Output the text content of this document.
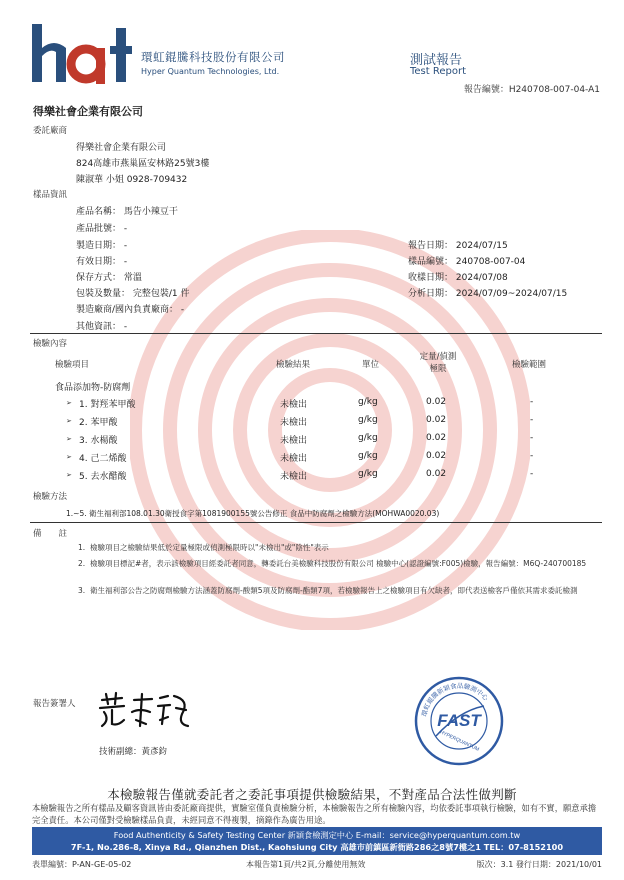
環虹錕騰科技股份有限公司
Hyper Quantum Technologies, Ltd.
測試報告
Test Report
報告編號：H240708-007-04-A1
得樂社會企業有限公司
委託廠商
得樂社會企業有限公司
824高雄市燕巢區安林路25號3樓
陳淑華 小姐 0928-709432
樣品資訊
產品名稱： 馬告小辣豆干
產品批號： -
製造日期： -
有效日期： -
保存方式： 常溫
包裝及數量： 完整包裝/1 件
製造廠商/國內負責廠商： -
其他資訊： -
報告日期： 2024/07/15
樣品編號： 240708-007-04
收樣日期： 2024/07/08
分析日期： 2024/07/09~2024/07/15
檢驗內容
檢驗項目	檢驗結果	單位
定量/偵測
極限	檢驗範圍
食品添加物-防腐劑
➢ 1. 對羥苯甲酸	未檢出	g/kg	0.02	-
➢ 2. 苯甲酸	未檢出	g/kg	0.02	-
➢ 3. 水楊酸	未檢出	g/kg	0.02	-
➢ 4. 己二烯酸	未檢出	g/kg	0.02	-
➢ 5. 去水醋酸	未檢出	g/kg	0.02	-
檢驗方法
1.~5. 衛生福利部108.01.30衛授食字第1081900155號公告修正 食品中防腐劑之檢驗方法(MOHWA0020.03)
備　　註
1. 檢驗項目之檢驗結果低於定量極限或偵測極限時以"未檢出"或"陰性"表示
2. 檢驗項目標記#者，表示該檢驗項目經委託者同意，轉委託台美檢驗科技股份有限公司 檢驗中心(認證編號:F005)檢驗，報告編號：M6Q-240700185
3. 衛生福利部公告之防腐劑檢驗方法涵蓋防腐劑-酸類5項及防腐劑-酯類7項，若檢驗報告上之檢驗項目有欠缺者，即代表送檢客戶僅依其需求委託檢測
報告簽署人
技術副總：黃彥鈞
環虹錕騰新穎食品驗測中心
FAST
HYPERQUANTUM
本檢驗報告僅就委託者之委託事項提供檢驗結果，不對產品合法性做判斷
本檢驗報告之所有樣品及顧客資訊皆由委託廠商提供，實驗室僅負責檢驗分析，本檢驗報告之所有檢驗內容，均依委託事項執行檢驗，如有不實，願意承擔完全責任。本公司僅對受檢驗樣品負責，未經同意不得複製，摘錄作為廣告用途。
Food Authenticity & Safety Testing Center 新穎食檢測定中心 E-mail：service@hyperquantum.com.tw
7F-1, No.286-8, Xinya Rd., Qianzhen Dist., Kaohsiung City 高雄市前鎮區新衙路286之8號7樓之1 TEL：07-8152100
表單編號：P-AN-GE-05-02	本報告第1頁/共2頁,分離使用無效	版次：3.1 發行日期：2021/10/01
